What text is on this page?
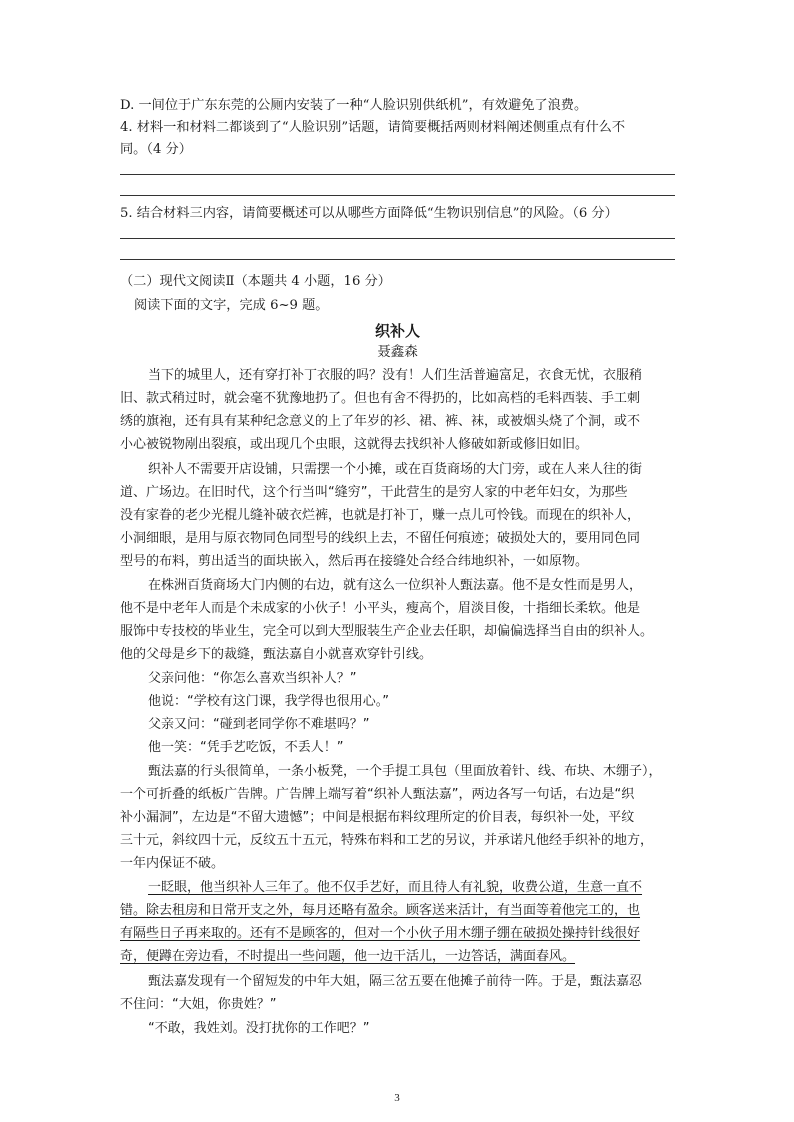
D. 一间位于广东东莞的公厕内安装了一种“人脸识别供纸机”，有效避免了浪费。
4. 材料一和材料二都谈到了“人脸识别”话题，请简要概括两则材料阐述侧重点有什么不
同。（4 分）
5. 结合材料三内容，请简要概述可以从哪些方面降低“生物识别信息”的风险。（6 分）
（二）现代文阅读Ⅱ（本题共 4 小题，16 分）
阅读下面的文字，完成 6~9 题。
织补人
聂鑫森
当下的城里人，还有穿打补丁衣服的吗？没有！人们生活普遍富足，衣食无忧，衣服稍
旧、款式稍过时，就会毫不犹豫地扔了。但也有舍不得扔的，比如高档的毛料西装、手工刺
绣的旗袍，还有具有某种纪念意义的上了年岁的衫、裙、裤、袜，或被烟头烧了个洞，或不
小心被锐物剐出裂痕，或出现几个虫眼，这就得去找织补人修破如新或修旧如旧。
织补人不需要开店设铺，只需摆一个小摊，或在百货商场的大门旁，或在人来人往的街
道、广场边。在旧时代，这个行当叫“缝穷”，干此营生的是穷人家的中老年妇女，为那些
没有家眷的老少光棍儿缝补破衣烂裤，也就是打补丁，赚一点儿可怜钱。而现在的织补人，
小洞细眼，是用与原衣物同色同型号的线织上去，不留任何痕迹；破损处大的，要用同色同
型号的布料，剪出适当的面块嵌入，然后再在接缝处合经合纬地织补，一如原物。
在株洲百货商场大门内侧的右边，就有这么一位织补人甄法嘉。他不是女性而是男人，
他不是中老年人而是个未成家的小伙子！小平头，瘦高个，眉淡目俊，十指细长柔软。他是
服饰中专技校的毕业生，完全可以到大型服装生产企业去任职，却偏偏选择当自由的织补人。
他的父母是乡下的裁缝，甄法嘉自小就喜欢穿针引线。
父亲问他：“你怎么喜欢当织补人？”
他说：“学校有这门课，我学得也很用心。”
父亲又问：“碰到老同学你不难堪吗？”
他一笑：“凭手艺吃饭，不丢人！”
甄法嘉的行头很简单，一条小板凳，一个手提工具包（里面放着针、线、布块、木绷子），
一个可折叠的纸板广告牌。广告牌上端写着“织补人甄法嘉”，两边各写一句话，右边是“织
补小漏洞”，左边是“不留大遗憾”；中间是根据布料纹理所定的价目表，每织补一处，平纹
三十元，斜纹四十元，反纹五十五元，特殊布料和工艺的另议，并承诺凡他经手织补的地方，
一年内保证不破。
一眨眼，他当织补人三年了。他不仅手艺好，而且待人有礼貌，收费公道，生意一直不
错。除去租房和日常开支之外，每月还略有盈余。顾客送来活计，有当面等着他完工的，也
有隔些日子再来取的。还有不是顾客的，但对一个小伙子用木绷子绷在破损处操持针线很好
奇，便蹲在旁边看，不时提出一些问题，他一边干活儿，一边答话，满面春风。
甄法嘉发现有一个留短发的中年大姐，隔三岔五要在他摊子前待一阵。于是，甄法嘉忍
不住问：“大姐，你贵姓？”
“不敢，我姓刘。没打扰你的工作吧？”
3
